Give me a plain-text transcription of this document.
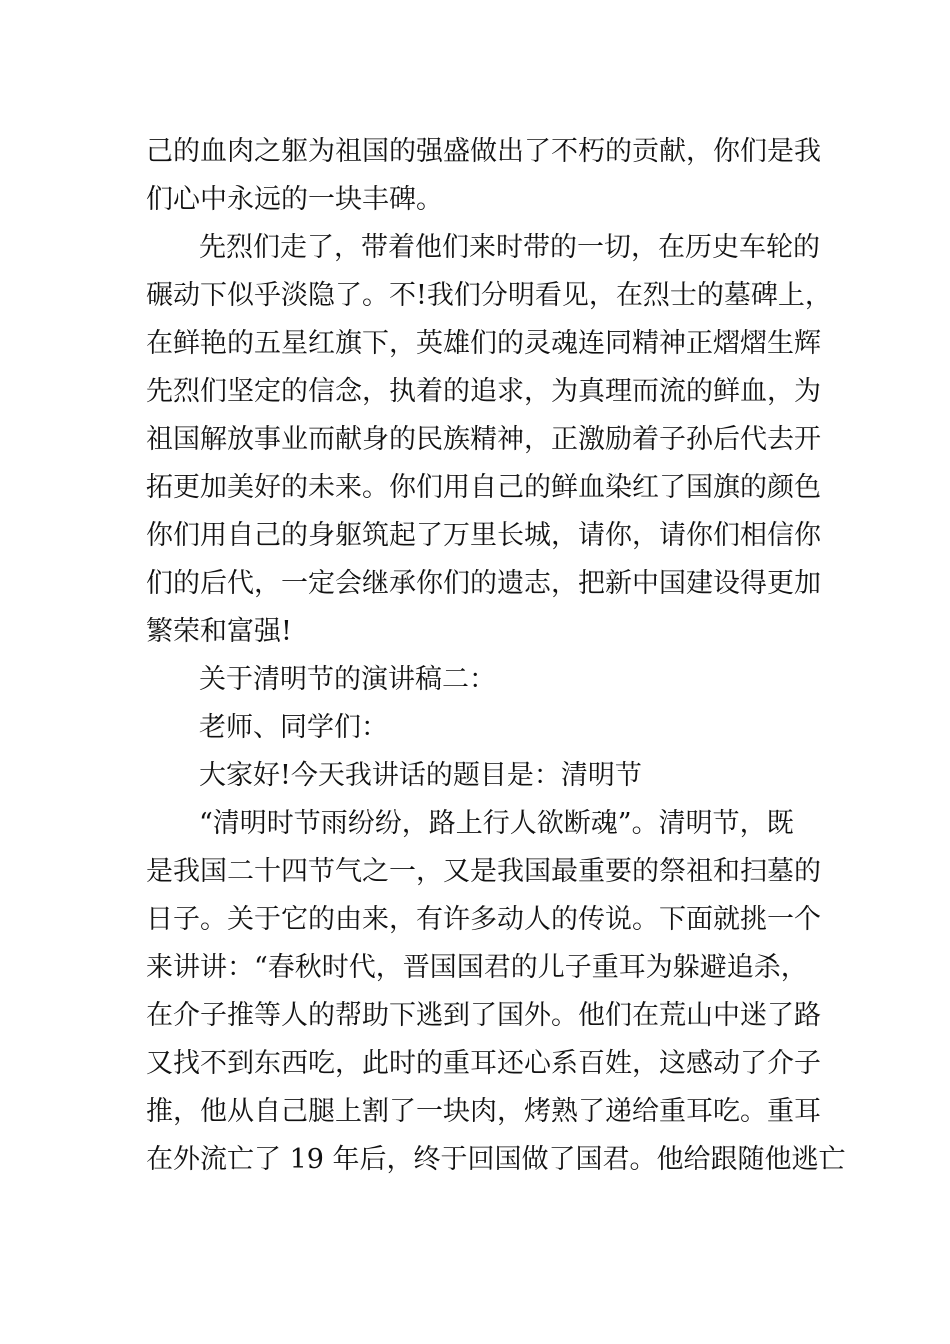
己的血肉之躯为祖国的强盛做出了不朽的贡献，你们是我
们心中永远的一块丰碑。
先烈们走了，带着他们来时带的一切，在历史车轮的
碾动下似乎淡隐了。不!我们分明看见，在烈士的墓碑上，
在鲜艳的五星红旗下，英雄们的灵魂连同精神正熠熠生辉
先烈们坚定的信念，执着的追求，为真理而流的鲜血，为
祖国解放事业而献身的民族精神，正激励着子孙后代去开
拓更加美好的未来。你们用自己的鲜血染红了国旗的颜色
你们用自己的身躯筑起了万里长城，请你，请你们相信你
们的后代，一定会继承你们的遗志，把新中国建设得更加
繁荣和富强!
关于清明节的演讲稿二：
老师、同学们：
大家好!今天我讲话的题目是：清明节
“清明时节雨纷纷，路上行人欲断魂”。清明节，既
是我国二十四节气之一，又是我国最重要的祭祖和扫墓的
日子。关于它的由来，有许多动人的传说。下面就挑一个
来讲讲：“春秋时代，晋国国君的儿子重耳为躲避追杀，
在介子推等人的帮助下逃到了国外。他们在荒山中迷了路
又找不到东西吃，此时的重耳还心系百姓，这感动了介子
推，他从自己腿上割了一块肉，烤熟了递给重耳吃。重耳
在外流亡了 19 年后，终于回国做了国君。他给跟随他逃亡
